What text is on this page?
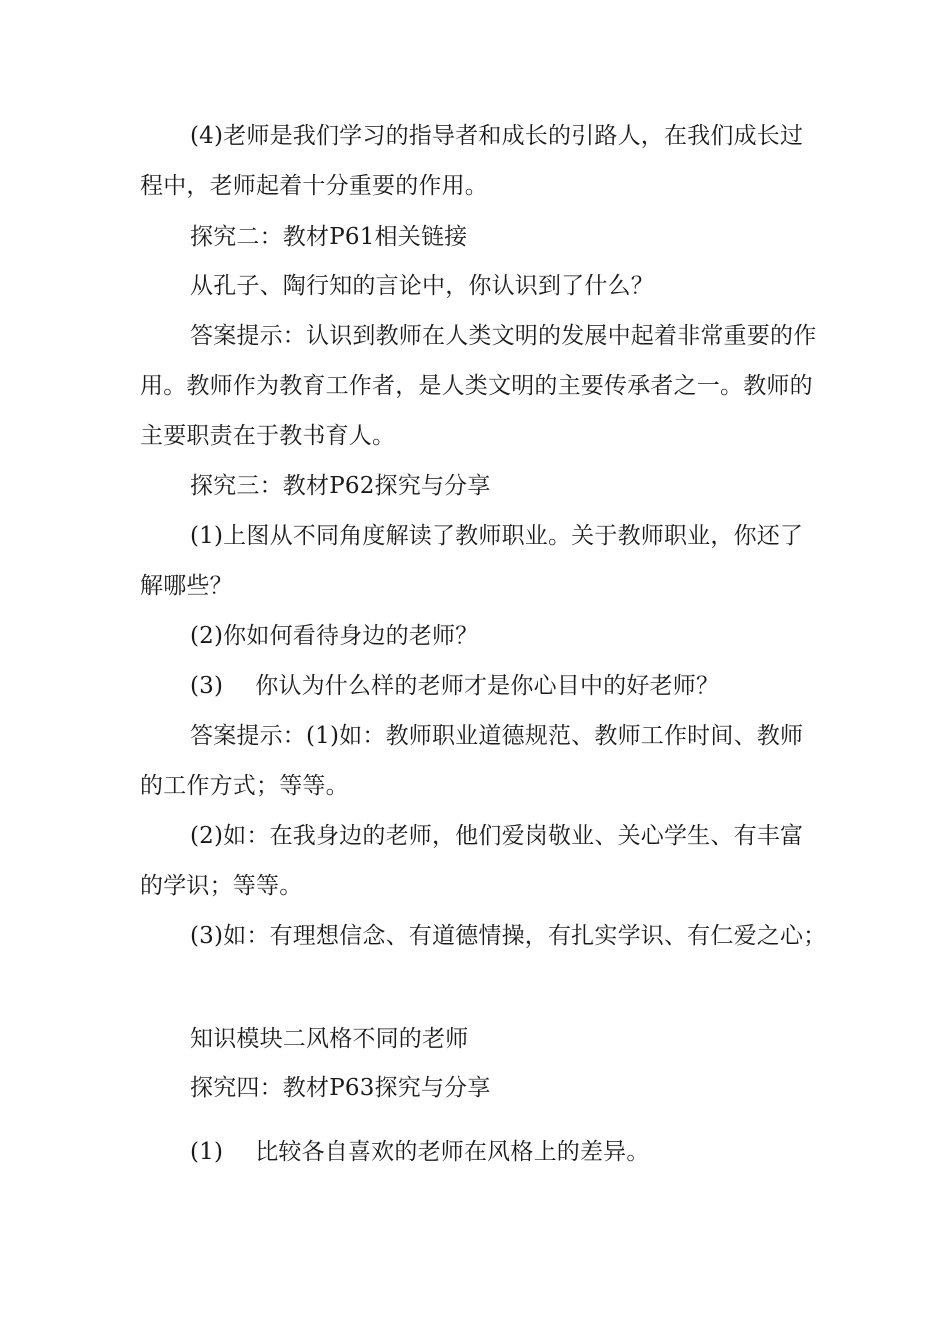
(4)老师是我们学习的指导者和成长的引路人，在我们成长过
程中，老师起着十分重要的作用。
探究二：教材P61相关链接
从孔子、陶行知的言论中，你认识到了什么？
答案提示：认识到教师在人类文明的发展中起着非常重要的作
用。教师作为教育工作者，是人类文明的主要传承者之一。教师的
主要职责在于教书育人。
探究三：教材P62探究与分享
(1)上图从不同角度解读了教师职业。关于教师职业，你还了
解哪些？
(2)你如何看待身边的老师？
(3) 你认为什么样的老师才是你心目中的好老师？
答案提示：(1)如：教师职业道德规范、教师工作时间、教师
的工作方式；等等。
(2)如：在我身边的老师，他们爱岗敬业、关心学生、有丰富
的学识；等等。
(3)如：有理想信念、有道德情操，有扎实学识、有仁爱之心；
知识模块二风格不同的老师
探究四：教材P63探究与分享
(1) 比较各自喜欢的老师在风格上的差异。
